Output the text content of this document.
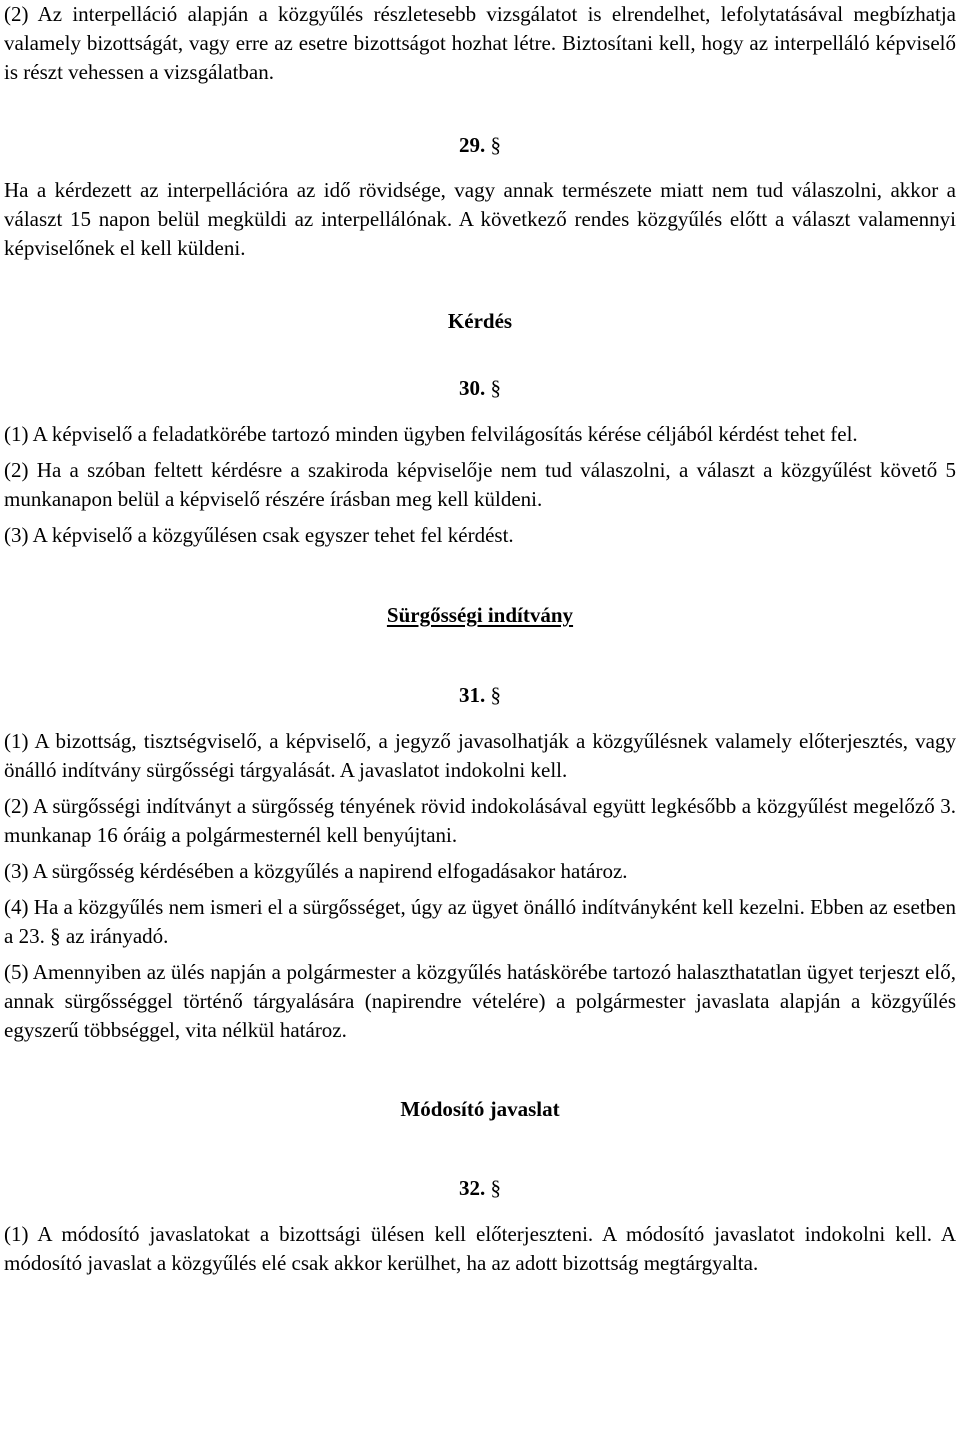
(2) Az interpelláció alapján a közgyűlés részletesebb vizsgálatot is elrendelhet, lefolytatásával megbízhatja valamely bizottságát, vagy erre az esetre bizottságot hozhat létre. Biztosítani kell, hogy az interpelláló képviselő is részt vehessen a vizsgálatban.

29. §

Ha a kérdezett az interpellációra az idő rövidsége, vagy annak természete miatt nem tud válaszolni, akkor a választ 15 napon belül megküldi az interpellálónak. A következő rendes közgyűlés előtt a választ valamennyi képviselőnek el kell küldeni.

Kérdés

30. §

(1) A képviselő a feladatkörébe tartozó minden ügyben felvilágosítás kérése céljából kérdést tehet fel.

(2) Ha a szóban feltett kérdésre a szakiroda képviselője nem tud válaszolni, a választ a közgyűlést követő 5 munkanapon belül a képviselő részére írásban meg kell küldeni.

(3) A képviselő a közgyűlésen csak egyszer tehet fel kérdést.

Sürgősségi indítvány

31. §

(1) A bizottság, tisztségviselő, a képviselő, a jegyző javasolhatják a közgyűlésnek valamely előterjesztés, vagy önálló indítvány sürgősségi tárgyalását. A javaslatot indokolni kell.

(2) A sürgősségi indítványt a sürgősség tényének rövid indokolásával együtt legkésőbb a közgyűlést megelőző 3. munkanap 16 óráig a polgármesternél kell benyújtani.

(3) A sürgősség kérdésében a közgyűlés a napirend elfogadásakor határoz.

(4) Ha a közgyűlés nem ismeri el a sürgősséget, úgy az ügyet önálló indítványként kell kezelni. Ebben az esetben a 23. § az irányadó.

(5) Amennyiben az ülés napján a polgármester a közgyűlés hatáskörébe tartozó halaszthatatlan ügyet terjeszt elő, annak sürgősséggel történő tárgyalására (napirendre vételére) a polgármester javaslata alapján a közgyűlés egyszerű többséggel, vita nélkül határoz.

Módosító javaslat

32. §

(1) A módosító javaslatokat a bizottsági ülésen kell előterjeszteni. A módosító javaslatot indokolni kell. A módosító javaslat a közgyűlés elé csak akkor kerülhet, ha az adott bizottság megtárgyalta.
